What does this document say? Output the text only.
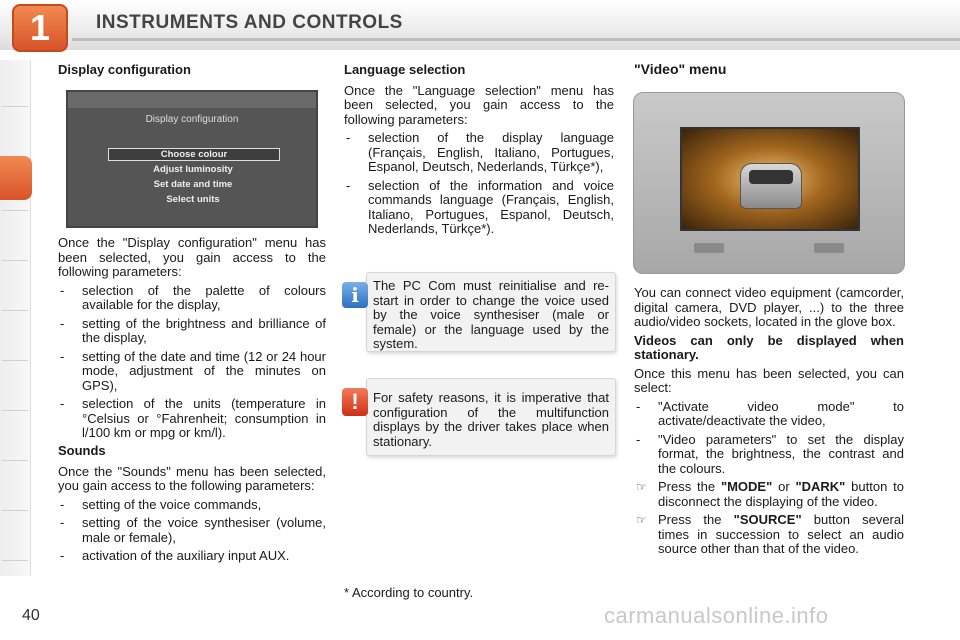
1	INSTRUMENTS AND CONTROLS
Display configuration
Display configuration
Choose colour
Adjust luminosity
Set date and time
Select units

Once the "Display configuration" menu has been selected, you gain access to the following parameters:

- selection of the palette of colours available for the display,
- setting of the brightness and brilliance of the display,
- setting of the date and time (12 or 24 hour mode, adjustment of the minutes on GPS),
- selection of the units (temperature in °Celsius or °Fahrenheit; consumption in l/100 km or mpg or km/l).
Sounds

Once the "Sounds" menu has been selected, you gain access to the following parameters:

- setting of the voice commands,
- setting of the voice synthesiser (volume, male or female),
- activation of the auxiliary input AUX.
Language selection

Once the "Language selection" menu has been selected, you gain access to the following parameters:

- selection of the display language (Français, English, Italiano, Portugues, Espanol, Deutsch, Nederlands, Türkçe*),
- selection of the information and voice commands language (Français, English, Italiano, Portugues, Espanol, Deutsch, Nederlands, Türkçe*).
The PC Com must reinitialise and re-start in order to change the voice used by the voice synthesiser (male or female) or the language used by the system.
i
For safety reasons, it is imperative that configuration of the multifunction displays by the driver takes place when stationary.
!
* According to country.
"Video" menu

You can connect video equipment (camcorder, digital camera, DVD player, ...) to the three audio/video sockets, located in the glove box.

Videos can only be displayed when stationary.

Once this menu has been selected, you can select:

- "Activate video mode" to activate/deactivate the video,
- "Video parameters" to set the display format, the brightness, the contrast and the colours.
☞ Press the "MODE" or "DARK" button to disconnect the displaying of the video.
☞ Press the "SOURCE" button several times in succession to select an audio source other than that of the video.
40	carmanualsonline.info
